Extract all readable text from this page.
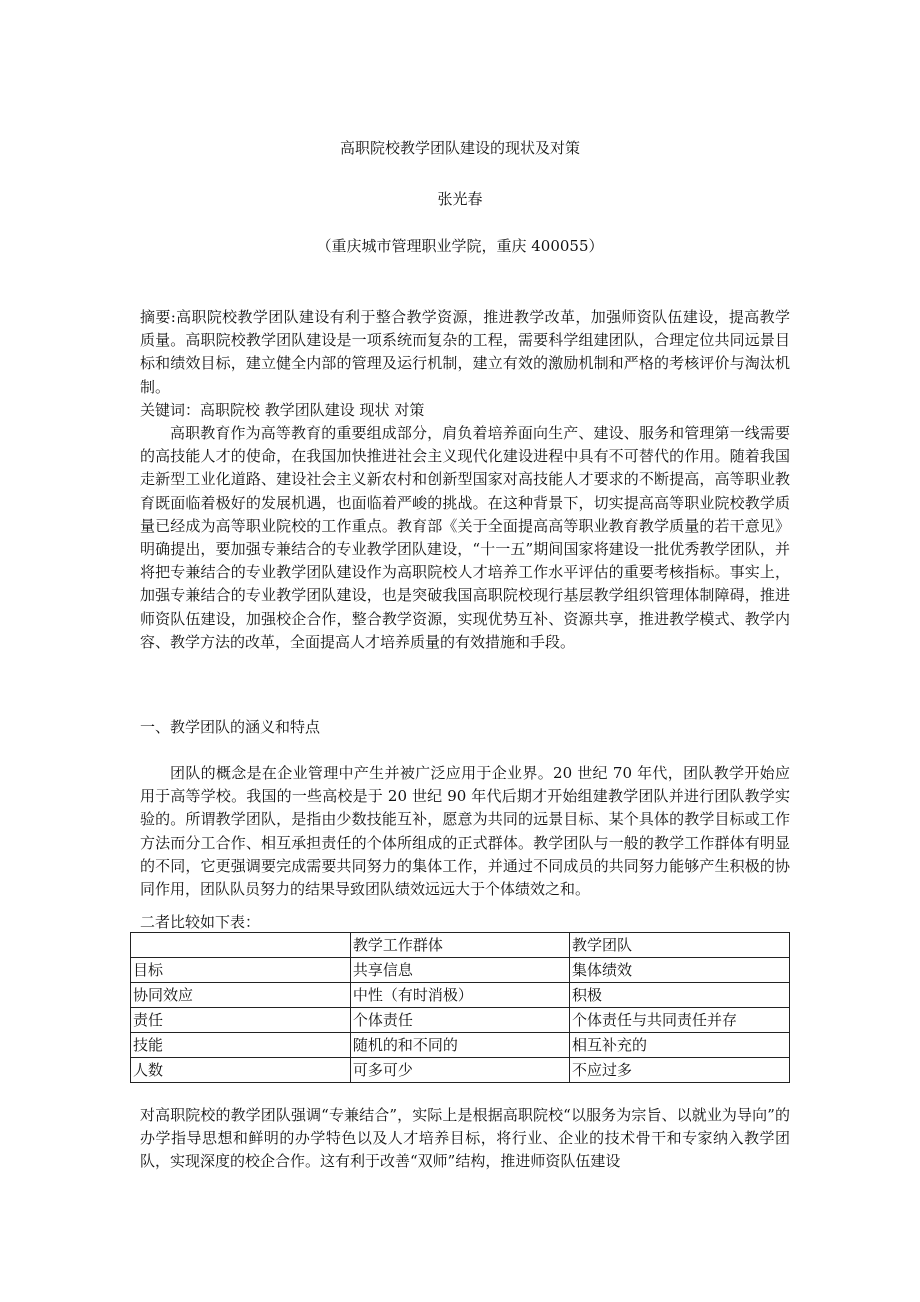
高职院校教学团队建设的现状及对策
张光春
（重庆城市管理职业学院，重庆 400055）
摘要:高职院校教学团队建设有利于整合教学资源，推进教学改革，加强师资队伍建设，提高教学质量。高职院校教学团队建设是一项系统而复杂的工程，需要科学组建团队，合理定位共同远景目标和绩效目标，建立健全内部的管理及运行机制，建立有效的激励机制和严格的考核评价与淘汰机制。
关键词：高职院校 教学团队建设 现状 对策
高职教育作为高等教育的重要组成部分，肩负着培养面向生产、建设、服务和管理第一线需要的高技能人才的使命，在我国加快推进社会主义现代化建设进程中具有不可替代的作用。随着我国走新型工业化道路、建设社会主义新农村和创新型国家对高技能人才要求的不断提高，高等职业教育既面临着极好的发展机遇，也面临着严峻的挑战。在这种背景下，切实提高高等职业院校教学质量已经成为高等职业院校的工作重点。教育部《关于全面提高高等职业教育教学质量的若干意见》明确提出，要加强专兼结合的专业教学团队建设，“十一五”期间国家将建设一批优秀教学团队，并将把专兼结合的专业教学团队建设作为高职院校人才培养工作水平评估的重要考核指标。事实上，加强专兼结合的专业教学团队建设，也是突破我国高职院校现行基层教学组织管理体制障碍，推进师资队伍建设，加强校企合作，整合教学资源，实现优势互补、资源共享，推进教学模式、教学内容、教学方法的改革，全面提高人才培养质量的有效措施和手段。
一、教学团队的涵义和特点
团队的概念是在企业管理中产生并被广泛应用于企业界。20 世纪 70 年代，团队教学开始应用于高等学校。我国的一些高校是于 20 世纪 90 年代后期才开始组建教学团队并进行团队教学实验的。所谓教学团队，是指由少数技能互补，愿意为共同的远景目标、某个具体的教学目标或工作方法而分工合作、相互承担责任的个体所组成的正式群体。教学团队与一般的教学工作群体有明显的不同，它更强调要完成需要共同努力的集体工作，并通过不同成员的共同努力能够产生积极的协同作用，团队队员努力的结果导致团队绩效远远大于个体绩效之和。
二者比较如下表：
	教学工作群体	教学团队
目标	共享信息	集体绩效
协同效应	中性（有时消极）	积极
责任	个体责任	个体责任与共同责任并存
技能	随机的和不同的	相互补充的
人数	可多可少	不应过多
对高职院校的教学团队强调“专兼结合”，实际上是根据高职院校“以服务为宗旨、以就业为导向”的办学指导思想和鲜明的办学特色以及人才培养目标，将行业、企业的技术骨干和专家纳入教学团队，实现深度的校企合作。这有利于改善“双师”结构，推进师资队伍建设
